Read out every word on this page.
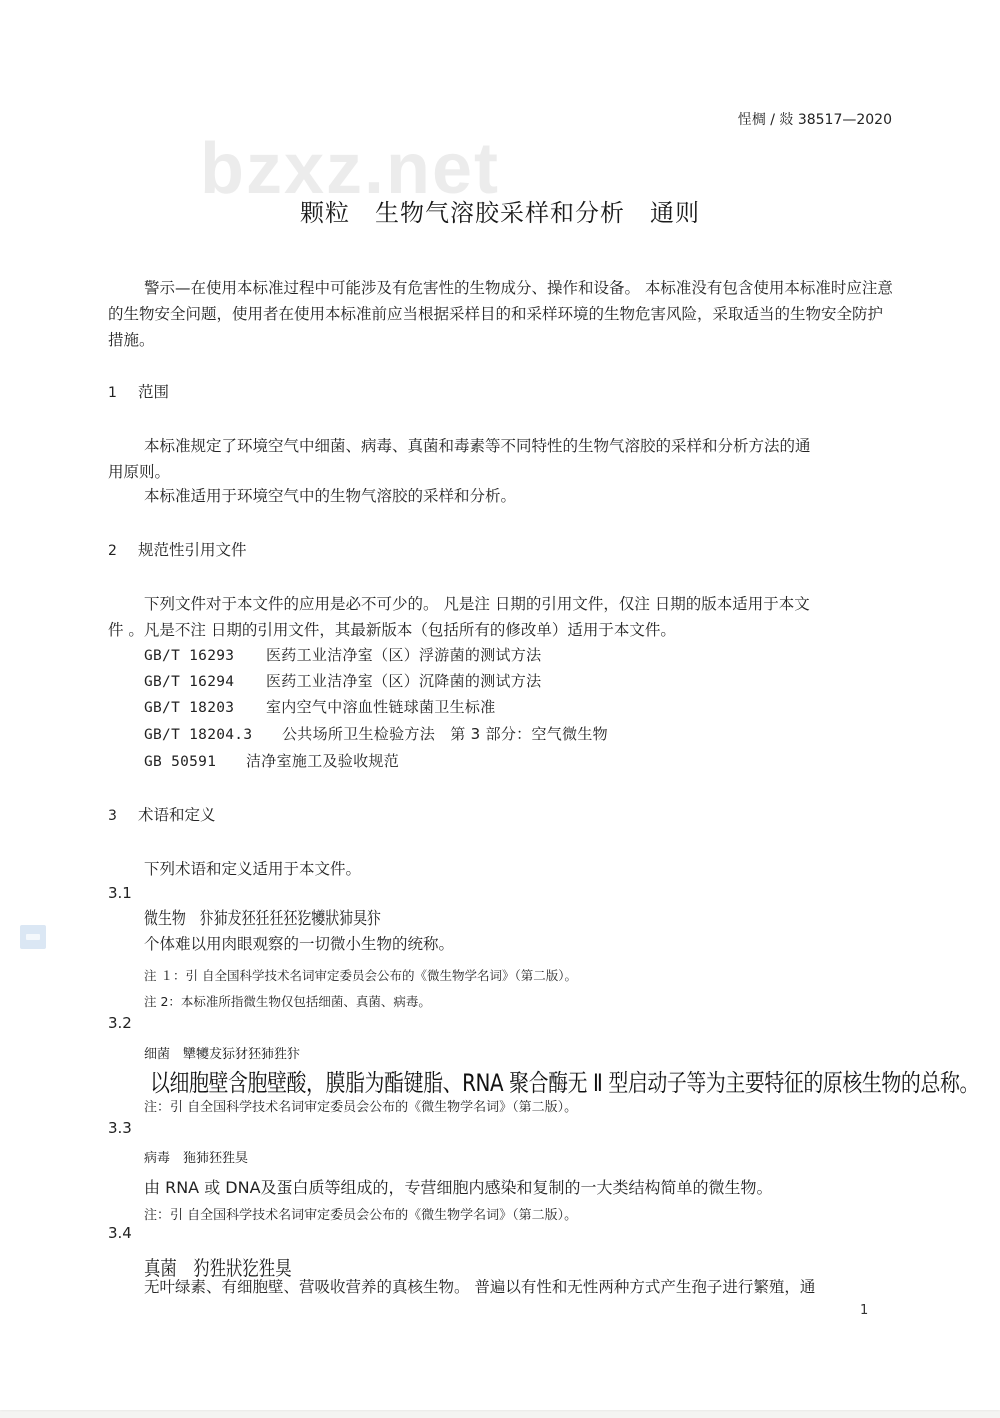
bzxz.net
悜椆 / 敥 38517—2020
颗粒　生物气溶胶采样和分析　通则
警示—在使用本标准过程中可能涉及有危害性的生物成分、操作和设备。 本标准没有包含使用本标准时应注意的生物安全问题，使用者在使用本标准前应当根据采样目的和采样环境的生物危害风险，采取适当的生物安全防护措施。
1 范围
本标准规定了环境空气中细菌、病毒、真菌和毒素等不同特性的生物气溶胶的采样和分析方法的通
用原则。
本标准适用于环境空气中的生物气溶胶的采样和分析。
2 规范性引用文件
下列文件对于本文件的应用是必不可少的。 凡是注 日期的引用文件，仅注 日期的版本适用于本文
件 。凡是不注 日期的引用文件，其最新版本（包括所有的修改单）适用于本文件。
GB/T 16293 医药工业洁净室（区）浮游菌的测试方法
GB/T 16294 医药工业洁净室（区）沉降菌的测试方法
GB/T 18203 室内空气中溶血性链球菌卫生标准
GB/T 18204.3 公共场所卫生检验方法　第 3 部分：空气微生物
GB 50591 洁净室施工及验收规范
3 术语和定义
下列术语和定义适用于本文件。
3.1
微生物　犿犻犮狉狅狅狉犵犪狀犻狊犿
个体难以用肉眼观察的一切微小生物的统称。
注 １：引 自全国科学技术名词审定委员会公布的《微生物学名词》（第二版）。
注 2：本标准所指微生物仅包括细菌、真菌、病毒。
3.2
细菌　犫犪犮狋犲狉犻狌犿
以细胞壁含胞壁酸，膜脂为酯键脂、RNA 聚合酶无 Ⅱ 型启动子等为主要特征的原核生物的总称。
注：引 自全国科学技术名词审定委员会公布的《微生物学名词》（第二版）。
3.3
病毒　狏犻狉狌狊
由 RNA 或 DNA及蛋白质等组成的，专营细胞内感染和复制的一大类结构简单的微生物。
注：引 自全国科学技术名词审定委员会公布的《微生物学名词》（第二版）。
3.4
真菌　犳狌狀犵狌狊
无叶绿素、有细胞壁、营吸收营养的真核生物。 普遍以有性和无性两种方式产生孢子进行繁殖，通
1
